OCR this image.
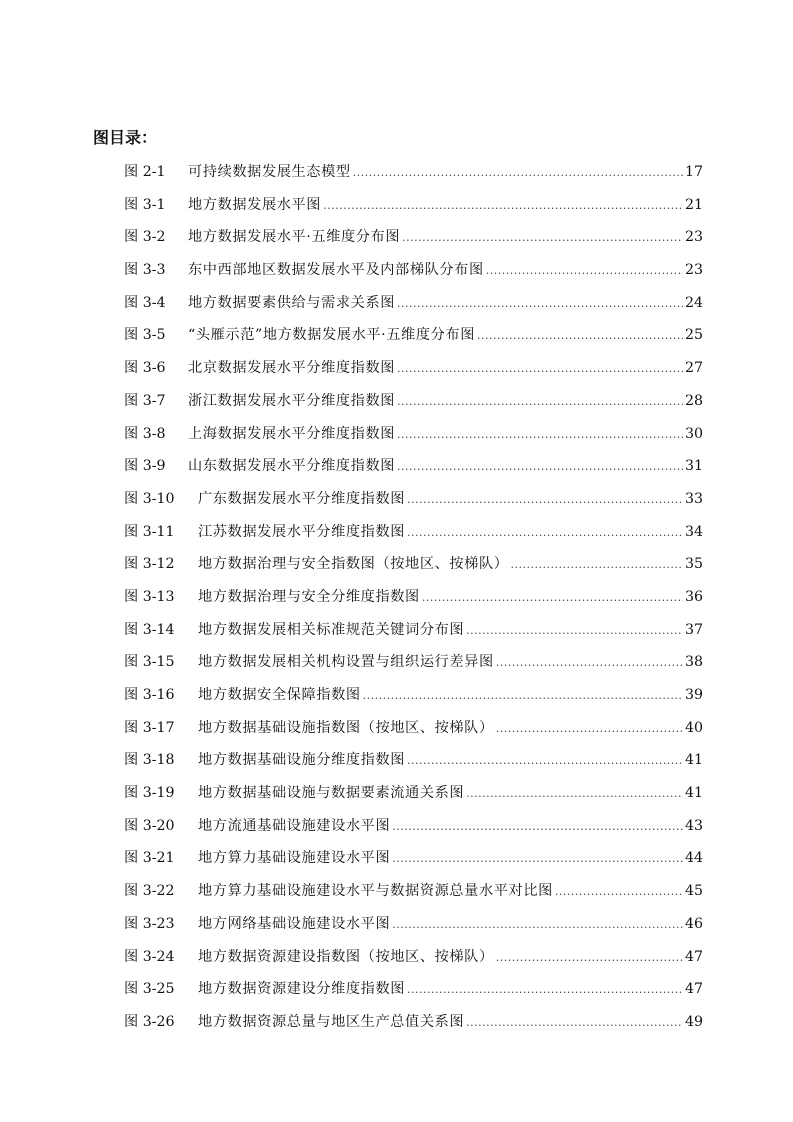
图目录：
图 2-1	可持续数据发展生态模型 .....	17
图 3-1	地方数据发展水平图 .....	21
图 3-2	地方数据发展水平·五维度分布图 .....	23
图 3-3	东中西部地区数据发展水平及内部梯队分布图 .....	23
图 3-4	地方数据要素供给与需求关系图 .....	24
图 3-5	“头雁示范”地方数据发展水平·五维度分布图 .....	25
图 3-6	北京数据发展水平分维度指数图 .....	27
图 3-7	浙江数据发展水平分维度指数图 .....	28
图 3-8	上海数据发展水平分维度指数图 .....	30
图 3-9	山东数据发展水平分维度指数图 .....	31
图 3-10	广东数据发展水平分维度指数图 .....	33
图 3-11	江苏数据发展水平分维度指数图 .....	34
图 3-12	地方数据治理与安全指数图（按地区、按梯队） .....	35
图 3-13	地方数据治理与安全分维度指数图 .....	36
图 3-14	地方数据发展相关标准规范关键词分布图 .....	37
图 3-15	地方数据发展相关机构设置与组织运行差异图 .....	38
图 3-16	地方数据安全保障指数图 .....	39
图 3-17	地方数据基础设施指数图（按地区、按梯队） .....	40
图 3-18	地方数据基础设施分维度指数图 .....	41
图 3-19	地方数据基础设施与数据要素流通关系图 .....	41
图 3-20	地方流通基础设施建设水平图 .....	43
图 3-21	地方算力基础设施建设水平图 .....	44
图 3-22	地方算力基础设施建设水平与数据资源总量水平对比图 .....	45
图 3-23	地方网络基础设施建设水平图 .....	46
图 3-24	地方数据资源建设指数图（按地区、按梯队） .....	47
图 3-25	地方数据资源建设分维度指数图 .....	47
图 3-26	地方数据资源总量与地区生产总值关系图 .....	49
